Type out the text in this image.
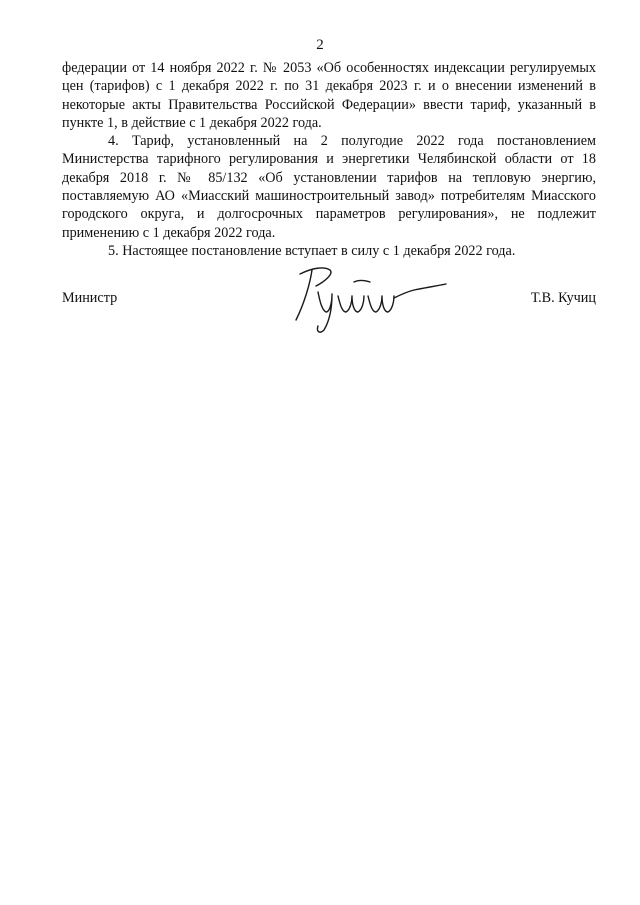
2

федерации от 14 ноября 2022 г. № 2053 «Об особенностях индексации регулируемых цен (тарифов) с 1 декабря 2022 г. по 31 декабря 2023 г. и о внесении изменений в некоторые акты Правительства Российской Федерации» ввести тариф, указанный в пункте 1, в действие с 1 декабря 2022 года.

4. Тариф, установленный на 2 полугодие 2022 года постановлением Министерства тарифного регулирования и энергетики Челябинской области от 18 декабря 2018 г. № 85/132 «Об установлении тарифов на тепловую энергию, поставляемую АО «Миасский машиностроительный завод» потребителям Миасского городского округа, и долгосрочных параметров регулирования», не подлежит применению с 1 декабря 2022 года.

5. Настоящее постановление вступает в силу с 1 декабря 2022 года.

Министр	Т.В. Кучиц
